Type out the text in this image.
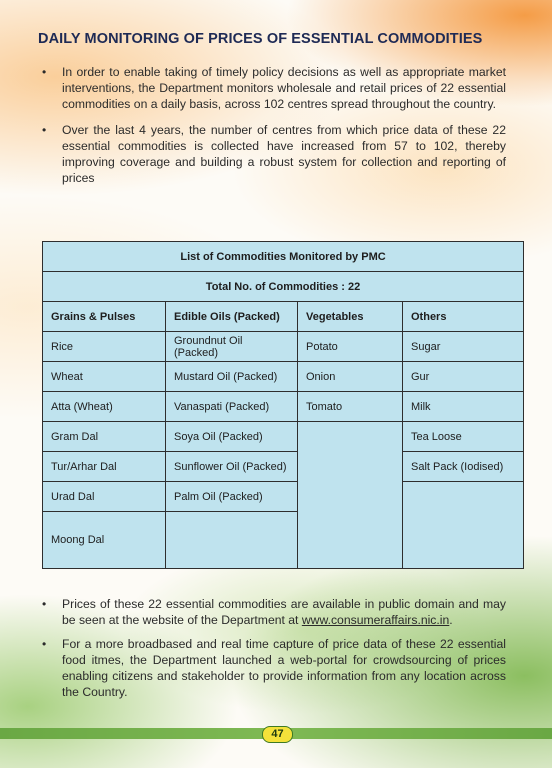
DAILY MONITORING OF PRICES OF ESSENTIAL COMMODITIES
• In order to enable taking of timely policy decisions as well as appropriate market interventions, the Department monitors wholesale and retail prices of 22 essential commodities on a daily basis, across 102 centres spread throughout the country.
• Over the last 4 years, the number of centres from which price data of these 22 essential commodities is collected have increased from 57 to 102, thereby improving coverage and building a robust system for collection and reporting of prices
List of Commodities Monitored by PMC			
Total No. of Commodities : 22			
Grains & Pulses	Edible Oils (Packed)	Vegetables	Others
Rice	Groundnut Oil (Packed)	Potato	Sugar
Wheat	Mustard Oil (Packed)	Onion	Gur
Atta (Wheat)	Vanaspati (Packed)	Tomato	Milk
Gram Dal	Soya Oil (Packed)		Tea Loose
Tur/Arhar Dal	Sunflower Oil (Packed)		Salt Pack (Iodised)
Urad Dal	Palm Oil (Packed)		
Moong Dal			
• Prices of these 22 essential commodities are available in public domain and may be seen at the website of the Department at www.consumeraffairs.nic.in.
• For a more broadbased and real time capture of price data of these 22 essential food itmes, the Department launched a web-portal for crowdsourcing of prices enabling citizens and stakeholder to provide information from any location across the Country.
47
